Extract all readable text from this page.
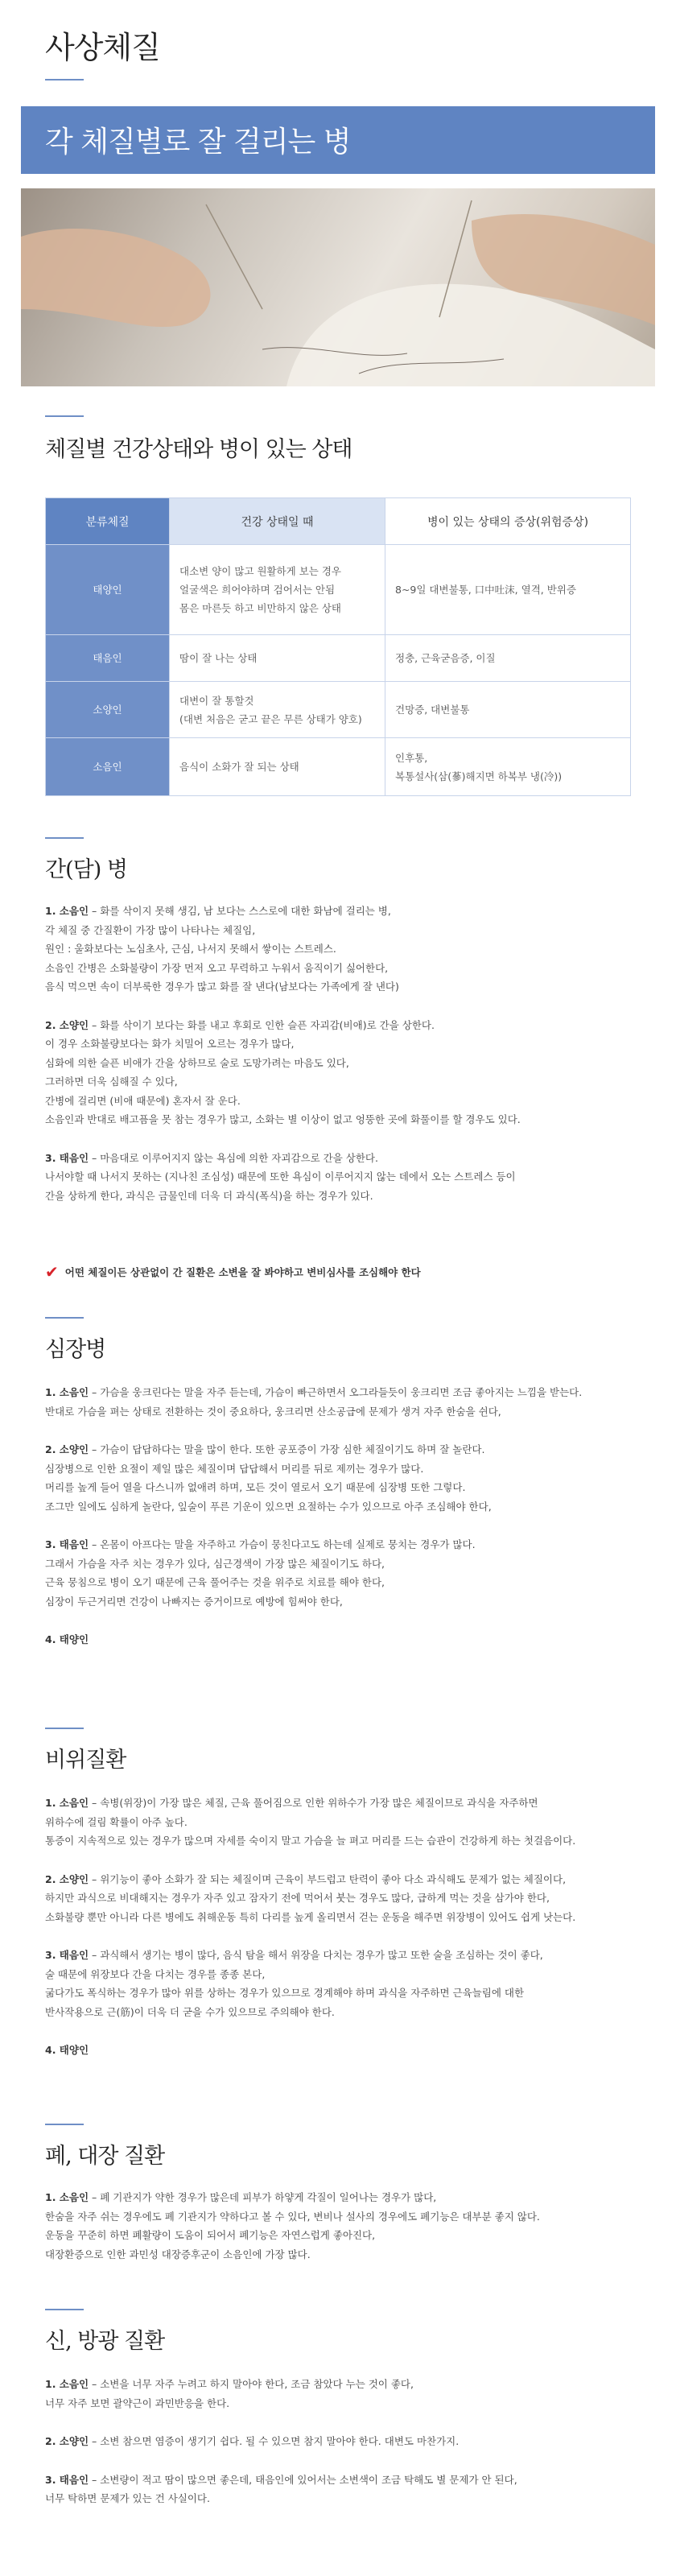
사상체질
각 체질별로 잘 걸리는 병
체질별 건강상태와 병이 있는 상태
분류체질	건강 상태일 때	병이 있는 상태의 증상(위험증상)
태양인	대소변 양이 많고 원활하게 보는 경우
얼굴색은 희어야하며 검어서는 안됨
몸은 마른듯 하고 비만하지 않은 상태	8~9일 대변불통, 口中吐沫, 열격, 반위증

태음인	땀이 잘 나는 상태	정충, 근육굳음증, 이질

소양인	대변이 잘 통할것
(대변 처음은 굳고 끝은 무른 상태가 양호)	건망증, 대변불통

소음인	음식이 소화가 잘 되는 상태	인후통,
복통설사(삼(蔘)해지면 하복부 냉(冷))
간(담) 병
1. 소음인 – 화를 삭이지 못해 생김, 남 보다는 스스로에 대한 화남에 걸리는 병,
각 체질 중 간질환이 가장 많이 나타나는 체질임,
원인 : 울화보다는 노심초사, 근심, 나서지 못해서 쌓이는 스트레스.
소음인 간병은 소화불량이 가장 먼저 오고 무력하고 누워서 움직이기 싫어한다,
음식 먹으면 속이 더부룩한 경우가 많고 화를 잘 낸다(남보다는 가족에게 잘 낸다)
2. 소양인 – 화를 삭이기 보다는 화를 내고 후회로 인한 슬픈 자괴감(비애)로 간을 상한다.
이 경우 소화불량보다는 화가 치밀어 오르는 경우가 많다,
심화에 의한 슬픈 비애가 간을 상하므로 술로 도망가려는 마음도 있다,
그러하면 더욱 심해질 수 있다,
간병에 걸리면 (비애 때문에) 혼자서 잘 운다.
소음인과 반대로 배고픔을 못 참는 경우가 많고, 소화는 별 이상이 없고 엉뚱한 곳에 화풀이를 할 경우도 있다.
3. 태음인 – 마음대로 이루어지지 않는 욕심에 의한 자괴감으로 간을 상한다.
나서야할 때 나서지 못하는 (지나친 조심성) 때문에 또한 욕심이 이루어지지 않는 데에서 오는 스트레스 등이
간을 상하게 한다, 과식은 금물인데 더욱 더 과식(폭식)을 하는 경우가 있다.
✔ 어떤 체질이든 상관없이 간 질환은 소변을 잘 봐야하고 변비심사를 조심해야 한다
심장병
1. 소음인 – 가슴을 웅크린다는 말을 자주 듣는데, 가슴이 빠근하면서 오그라들듯이 웅크리면 조금 좋아지는 느낌을 받는다.
반대로 가슴을 펴는 상태로 전환하는 것이 중요하다, 웅크리면 산소공급에 문제가 생겨 자주 한숨을 쉰다,
2. 소양인 – 가슴이 답답하다는 말을 많이 한다. 또한 공포증이 가장 심한 체질이기도 하며 잘 놀란다.
심장병으로 인한 요절이 제일 많은 체질이며 답답해서 머리를 뒤로 제끼는 경우가 많다.
머리를 높게 들어 열을 다스니까 없애려 하며, 모든 것이 열로서 오기 때문에 심장병 또한 그렇다.
조그만 일에도 심하게 놀란다, 잎술이 푸른 기운이 있으면 요절하는 수가 있으므로 아주 조심해야 한다,
3. 태음인 – 온몸이 아프다는 말을 자주하고 가슴이 뭉친다고도 하는데 실제로 뭉치는 경우가 많다.
그래서 가슴을 자주 치는 경우가 있다, 심근경색이 가장 많은 체질이기도 하다,
근육 뭉침으로 병이 오기 때문에 근육 풀어주는 것을 위주로 치료를 해야 한다,
심장이 두근거리면 건강이 나빠지는 증거이므로 예방에 힘써야 한다,
4. 태양인
비위질환
1. 소음인 – 속병(위장)이 가장 많은 체질, 근육 풀어짐으로 인한 위하수가 가장 많은 체질이므로 과식을 자주하면
위하수에 걸림 확률이 아주 높다.
통증이 지속적으로 있는 경우가 많으며 자세를 숙이지 말고 가슴을 늘 펴고 머리를 드는 습관이 건강하게 하는 첫걸음이다.
2. 소양인 – 위기능이 좋아 소화가 잘 되는 체질이며 근육이 부드럽고 탄력이 좋아 다소 과식해도 문제가 없는 체질이다,
하지만 과식으로 비대해지는 경우가 자주 있고 잠자기 전에 먹어서 붓는 경우도 많다, 급하게 먹는 것을 삼가야 한다,
소화불량 뿐만 아니라 다른 병에도 취해운동 특히 다리를 높게 올리면서 걷는 운동을 해주면 위장병이 있어도 쉽게 낫는다.
3. 태음인 – 과식해서 생기는 병이 많다, 음식 탐을 해서 위장을 다치는 경우가 많고 또한 술을 조심하는 것이 좋다,
술 때문에 위장보다 간을 다치는 경우를 종종 본다,
굶다가도 폭식하는 경우가 많아 위를 상하는 경우가 있으므로 경계해야 하며 과식을 자주하면 근육늘림에 대한
반사작용으로 근(筋)이 더욱 더 굳을 수가 있으므로 주의해야 한다.
4. 태양인
폐, 대장 질환
1. 소음인 – 폐 기관지가 약한 경우가 많은데 피부가 하얗게 각질이 일어나는 경우가 많다,
한숨을 자주 쉬는 경우에도 폐 기관지가 약하다고 볼 수 있다, 변비나 설사의 경우에도 폐기능은 대부분 좋지 않다.
운동을 꾸준히 하면 폐활량이 도움이 되어서 폐기능은 자연스럽게 좋아진다,
대장환증으로 인한 과민성 대장증후군이 소음인에 가장 많다.
신, 방광 질환
1. 소음인 – 소변을 너무 자주 누려고 하지 말아야 한다, 조금 참았다 누는 것이 좋다,
너무 자주 보면 괄약근이 과민반응을 한다.
2. 소양인 – 소변 참으면 염증이 생기기 쉽다. 될 수 있으면 참지 말아야 한다. 대변도 마찬가지.
3. 태음인 – 소변량이 적고 땀이 많으면 좋은데, 태음인에 있어서는 소변색이 조금 탁해도 별 문제가 안 된다,
너무 탁하면 문제가 있는 건 사실이다.
